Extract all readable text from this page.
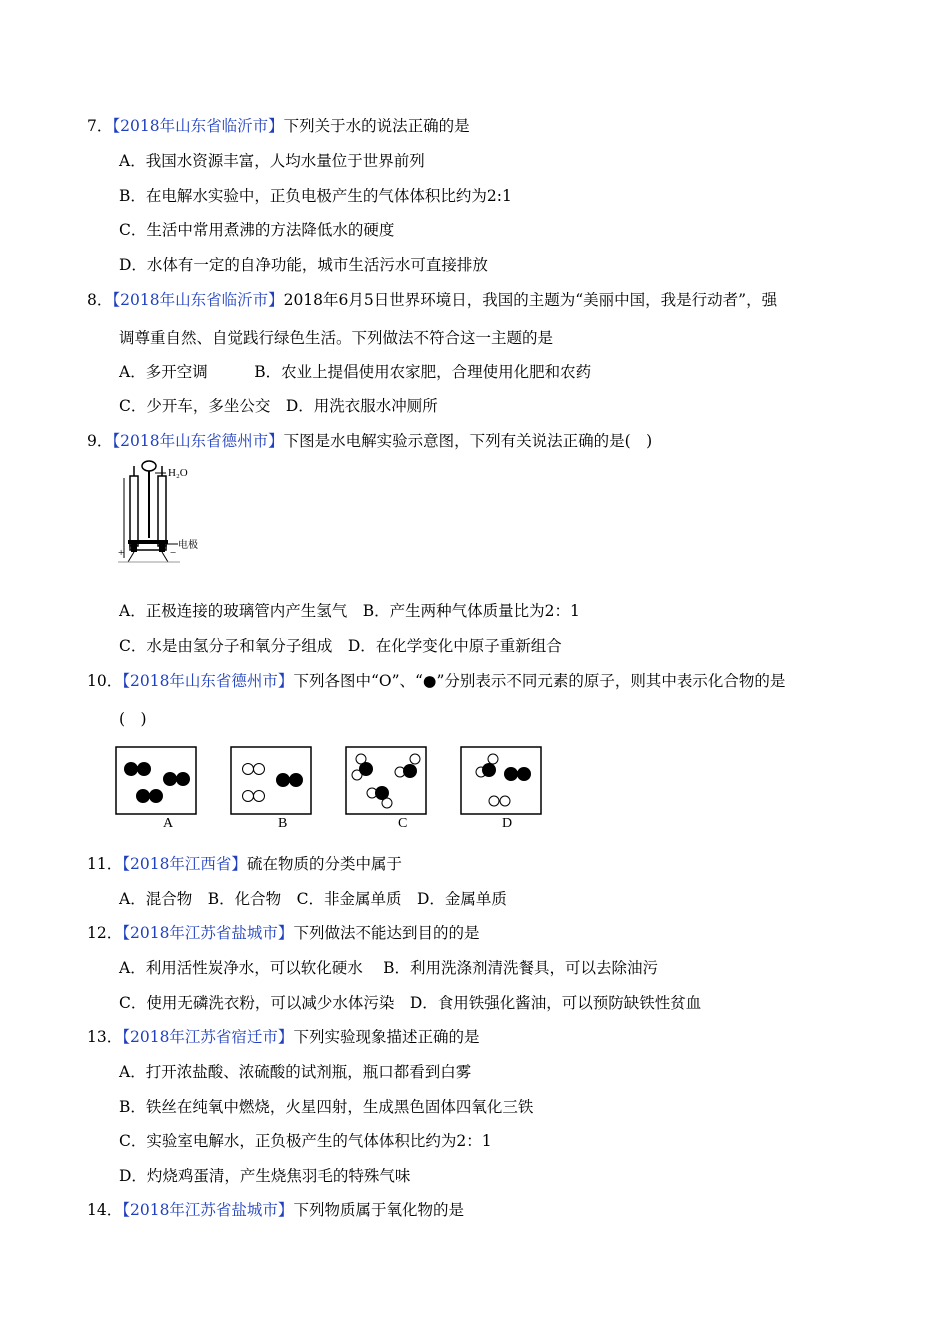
7．【2018年山东省临沂市】下列关于水的说法正确的是
A．我国水资源丰富，人均水量位于世界前列
B．在电解水实验中，正负电极产生的气体体积比约为2:1
C．生活中常用煮沸的方法降低水的硬度
D．水体有一定的自净功能，城市生活污水可直接排放
8．【2018年山东省临沂市】2018年6月5日世界环境日，我国的主题为“美丽中国，我是行动者”，强
调尊重自然、自觉践行绿色生活。下列做法不符合这一主题的是
A．多开空调　　　B．农业上提倡使用农家肥，合理使用化肥和农药
C．少开车，多坐公交　D．用洗衣服水冲厕所
9．【2018年山东省德州市】下图是水电解实验示意图，下列有关说法正确的是(　)
H₂O
电极
+	−
A．正极连接的玻璃管内产生氢气　B．产生两种气体质量比为2：1
C．水是由氢分子和氧分子组成　D．在化学变化中原子重新组合
10．【2018年山东省德州市】下列各图中“O”、“●”分别表示不同元素的原子，则其中表示化合物的是
(　)
A	B	C	D
11．【2018年江西省】硫在物质的分类中属于
A．混合物　B．化合物　C．非金属单质　D．金属单质
12．【2018年江苏省盐城市】下列做法不能达到目的的是
A．利用活性炭净水，可以软化硬水　 B．利用洗涤剂清洗餐具，可以去除油污
C．使用无磷洗衣粉，可以减少水体污染　D．食用铁强化酱油，可以预防缺铁性贫血
13．【2018年江苏省宿迁市】下列实验现象描述正确的是
A．打开浓盐酸、浓硫酸的试剂瓶，瓶口都看到白雾
B．铁丝在纯氧中燃烧，火星四射，生成黑色固体四氧化三铁
C．实验室电解水，正负极产生的气体体积比约为2：1
D．灼烧鸡蛋清，产生烧焦羽毛的特殊气味
14．【2018年江苏省盐城市】下列物质属于氧化物的是
